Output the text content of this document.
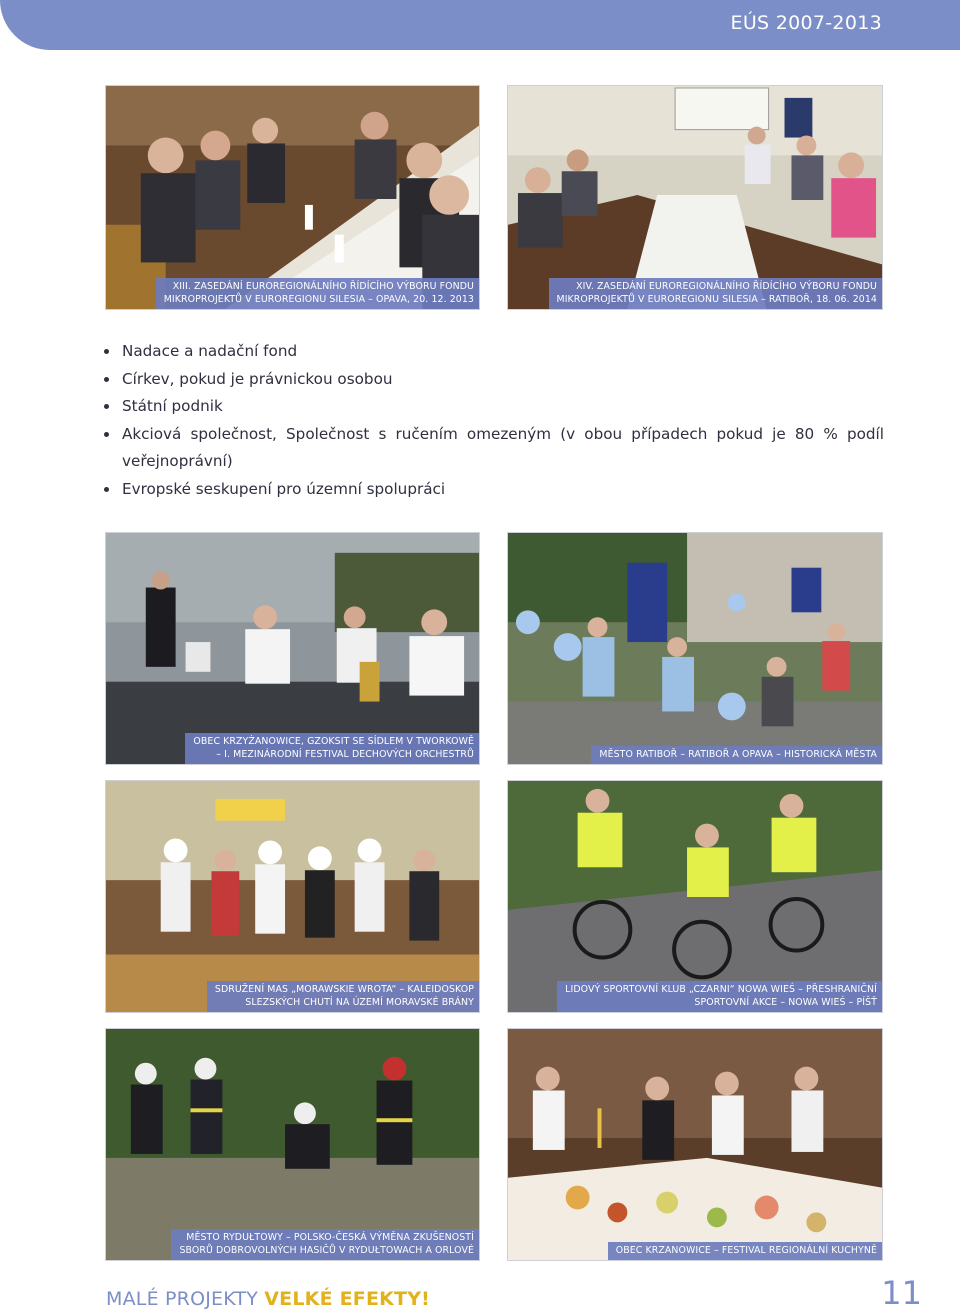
EÚS 2007-2013
XIII. ZASEDÁNÍ EUROREGIONÁLNÍHO ŘÍDÍCÍHO VÝBORU FONDU
MIKROPROJEKTŮ V EUROREGIONU SILESIA – OPAVA, 20. 12. 2013
XIV. ZASEDÁNÍ EUROREGIONÁLNÍHO ŘÍDÍCÍHO VÝBORU FONDU
MIKROPROJEKTŮ V EUROREGIONU SILESIA – RATIBOŘ, 18. 06. 2014
Nadace a nadační fond
Církev, pokud je právnickou osobou
Státní podnik
Akciová společnost, Společnost s ručením omezeným (v obou případech pokud je 80 % podíl veřejnoprávní)
Evropské seskupení pro územní spolupráci
OBEC KRZYŻANOWICE, GZOKSIT SE SÍDLEM V TWORKOWĚ
– I. MEZINÁRODNÍ FESTIVAL DECHOVÝCH ORCHESTRŮ	MĚSTO RATIBOŘ – RATIBOŘ A OPAVA – HISTORICKÁ MĚSTA
SDRUŽENÍ MAS „MORAWSKIE WROTA“ – KALEIDOSKOP
SLEZSKÝCH CHUTÍ NA ÚZEMÍ MORAVSKÉ BRÁNY
LIDOVÝ SPORTOVNÍ KLUB „CZARNI“ NOWA WIEŚ – PŘESHRANIČNÍ
SPORTOVNÍ AKCE – NOWA WIEŚ – PÍŠŤ
MĚSTO RYDUŁTOWY – POLSKO-ČESKÁ VÝMĚNA ZKUŠENOSTÍ
SBORŮ DOBROVOLNÝCH HASIČŮ V RYDUŁTOWACH A ORLOVÉ	OBEC KRZANOWICE – FESTIVAL REGIONÁLNÍ KUCHYNĚ
MALÉ PROJEKTY VELKÉ EFEKTY!	11
